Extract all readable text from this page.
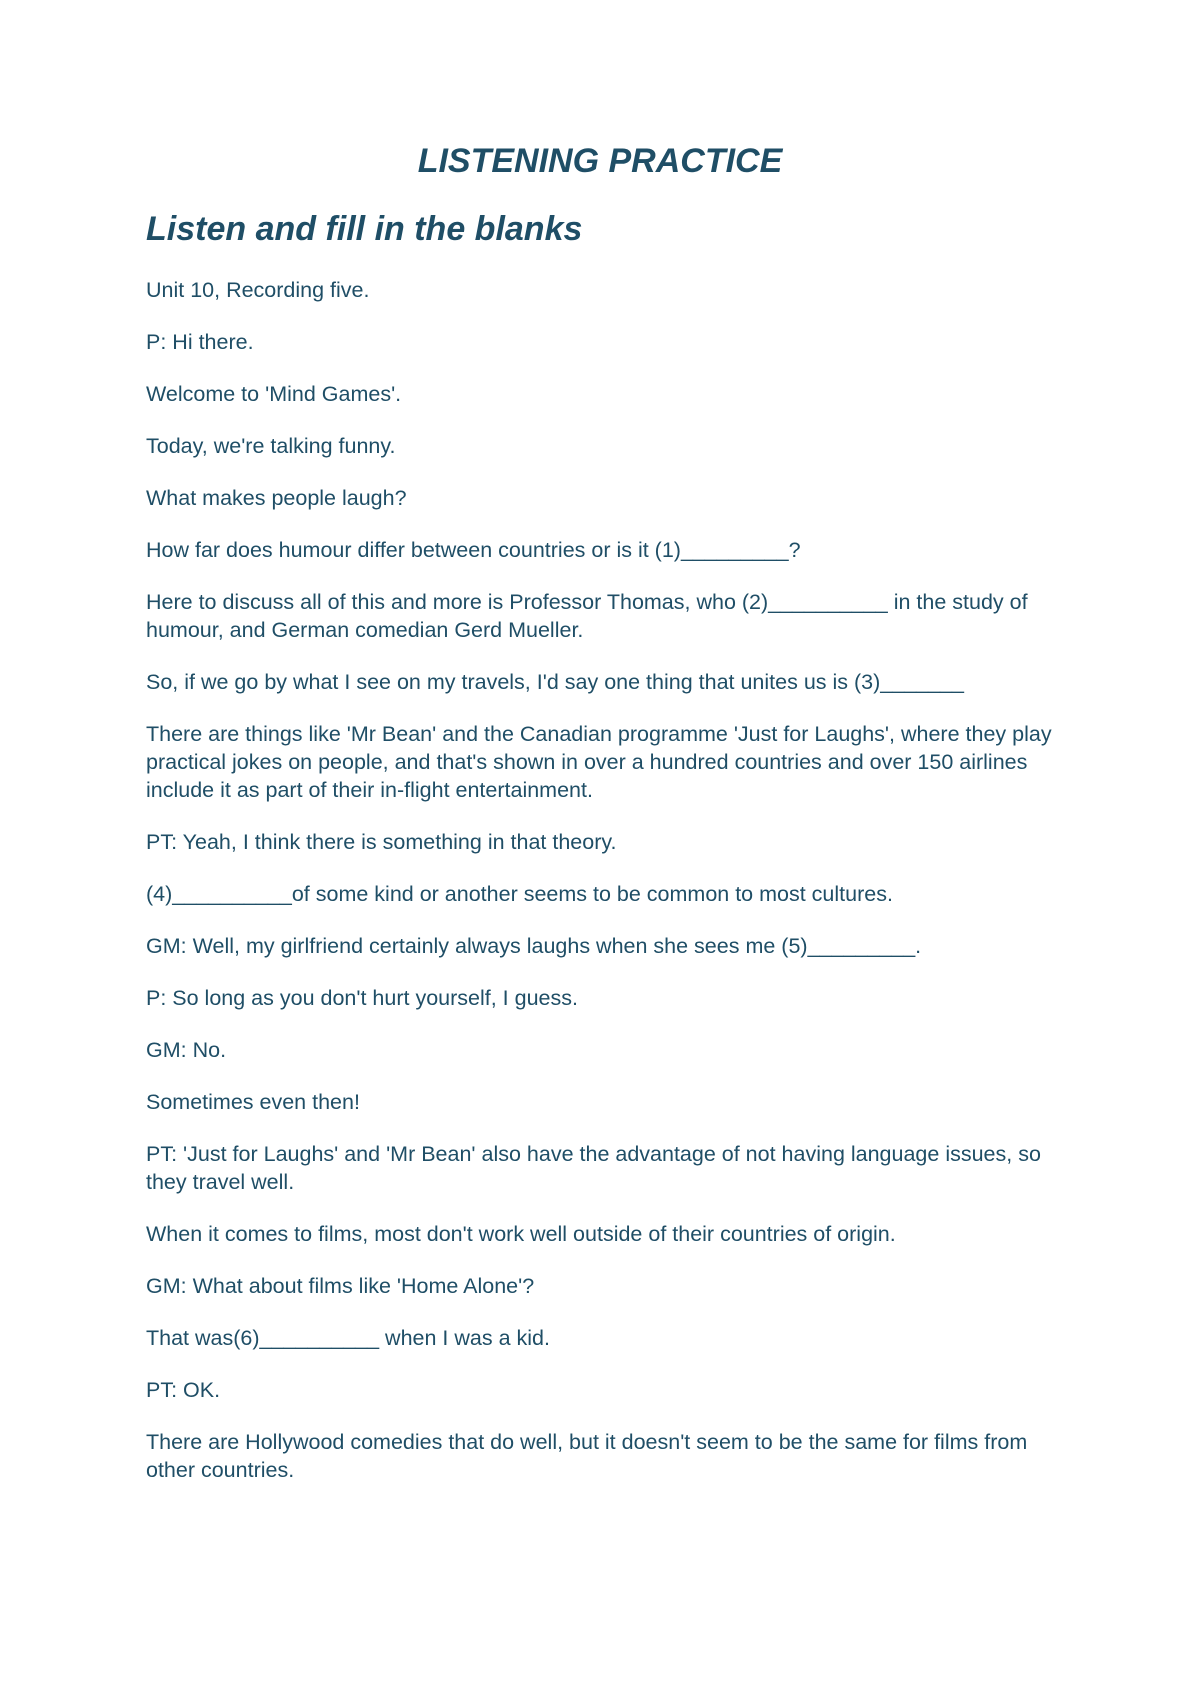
LISTENING PRACTICE
Listen and fill in the blanks

Unit 10, Recording five.

P: Hi there.

Welcome to 'Mind Games'.

Today, we're talking funny.

What makes people laugh?

How far does humour differ between countries or is it (1)_________?

Here to discuss all of this and more is Professor Thomas, who (2)__________ in the study of humour, and German comedian Gerd Mueller.

So, if we go by what I see on my travels, I'd say one thing that unites us is (3)_______

There are things like 'Mr Bean' and the Canadian programme 'Just for Laughs', where they play practical jokes on people, and that's shown in over a hundred countries and over 150 airlines include it as part of their in-flight entertainment.

PT: Yeah, I think there is something in that theory.

(4)__________of some kind or another seems to be common to most cultures.

GM: Well, my girlfriend certainly always laughs when she sees me (5)_________.

P: So long as you don't hurt yourself, I guess.

GM: No.

Sometimes even then!

PT: 'Just for Laughs' and 'Mr Bean' also have the advantage of not having language issues, so they travel well.

When it comes to films, most don't work well outside of their countries of origin.

GM: What about films like 'Home Alone'?

That was(6)__________ when I was a kid.

PT: OK.

There are Hollywood comedies that do well, but it doesn't seem to be the same for films from other countries.
